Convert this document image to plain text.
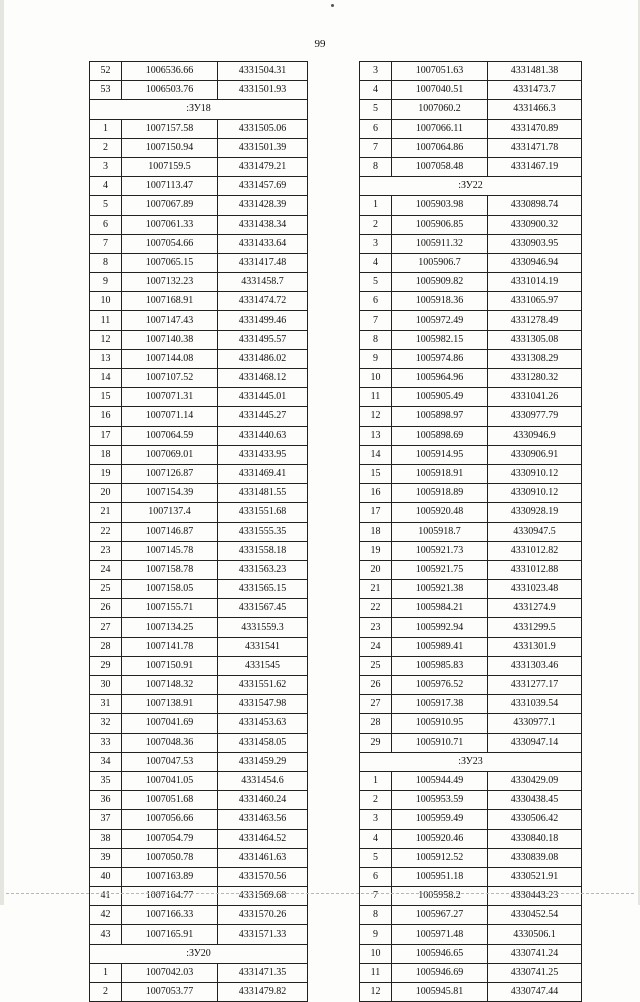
99
52	1006536.66	4331504.31
53	1006503.76	4331501.93
:ЗУ18		
1	1007157.58	4331505.06
2	1007150.94	4331501.39
3	1007159.5	4331479.21
4	1007113.47	4331457.69
5	1007067.89	4331428.39
6	1007061.33	4331438.34
7	1007054.66	4331433.64
8	1007065.15	4331417.48
9	1007132.23	4331458.7
10	1007168.91	4331474.72
11	1007147.43	4331499.46
12	1007140.38	4331495.57
13	1007144.08	4331486.02
14	1007107.52	4331468.12
15	1007071.31	4331445.01
16	1007071.14	4331445.27
17	1007064.59	4331440.63
18	1007069.01	4331433.95
19	1007126.87	4331469.41
20	1007154.39	4331481.55
21	1007137.4	4331551.68
22	1007146.87	4331555.35
23	1007145.78	4331558.18
24	1007158.78	4331563.23
25	1007158.05	4331565.15
26	1007155.71	4331567.45
27	1007134.25	4331559.3
28	1007141.78	4331541
29	1007150.91	4331545
30	1007148.32	4331551.62
31	1007138.91	4331547.98
32	1007041.69	4331453.63
33	1007048.36	4331458.05
34	1007047.53	4331459.29
35	1007041.05	4331454.6
36	1007051.68	4331460.24
37	1007056.66	4331463.56
38	1007054.79	4331464.52
39	1007050.78	4331461.63
40	1007163.89	4331570.56
41	1007164.77	4331569.68
42	1007166.33	4331570.26
43	1007165.91	4331571.33
:ЗУ20		
1	1007042.03	4331471.35
2	1007053.77	4331479.82
3	1007051.63	4331481.38
4	1007040.51	4331473.7
5	1007060.2	4331466.3
6	1007066.11	4331470.89
7	1007064.86	4331471.78
8	1007058.48	4331467.19
:ЗУ22		
1	1005903.98	4330898.74
2	1005906.85	4330900.32
3	1005911.32	4330903.95
4	1005906.7	4330946.94
5	1005909.82	4331014.19
6	1005918.36	4331065.97
7	1005972.49	4331278.49
8	1005982.15	4331305.08
9	1005974.86	4331308.29
10	1005964.96	4331280.32
11	1005905.49	4331041.26
12	1005898.97	4330977.79
13	1005898.69	4330946.9
14	1005914.95	4330906.91
15	1005918.91	4330910.12
16	1005918.89	4330910.12
17	1005920.48	4330928.19
18	1005918.7	4330947.5
19	1005921.73	4331012.82
20	1005921.75	4331012.88
21	1005921.38	4331023.48
22	1005984.21	4331274.9
23	1005992.94	4331299.5
24	1005989.41	4331301.9
25	1005985.83	4331303.46
26	1005976.52	4331277.17
27	1005917.38	4331039.54
28	1005910.95	4330977.1
29	1005910.71	4330947.14
:ЗУ23		
1	1005944.49	4330429.09
2	1005953.59	4330438.45
3	1005959.49	4330506.42
4	1005920.46	4330840.18
5	1005912.52	4330839.08
6	1005951.18	4330521.91
7	1005958.2	4330443.23
8	1005967.27	4330452.54
9	1005971.48	4330506.1
10	1005946.65	4330741.24
11	1005946.69	4330741.25
12	1005945.81	4330747.44
